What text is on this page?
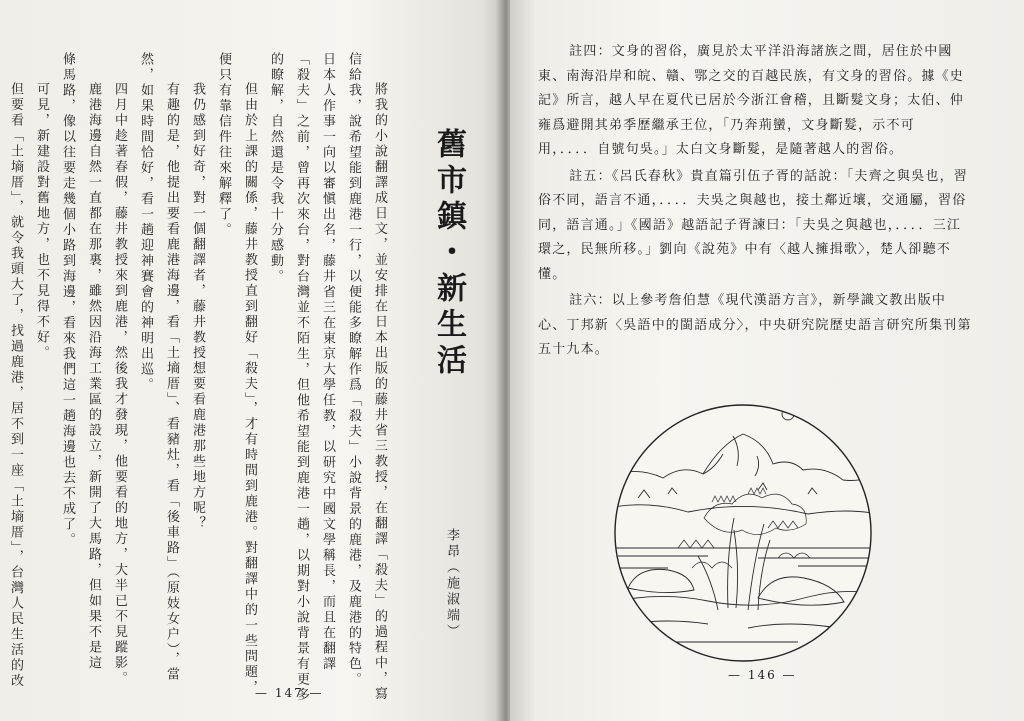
舊市鎮・新生活
李昂（施淑端）
將我的小說翻譯成日文，並安排在日本出版的藤井省三教授，在翻譯「殺夫」的過程中，寫
信給我，說希望能到鹿港一行，以便能多瞭解作爲「殺夫」小說背景的鹿港，及鹿港的特色。
日本人作事一向以審愼出名，藤井省三在東京大學任教，以研究中國文學稱長，而且在翻譯
「殺夫」之前，曾再次來台，對台灣並不陌生，但他希望能到鹿港一趟，以期對小說背景有更多
的瞭解，自然還是令我十分感動。
但由於上課的關係，藤井教授直到翻好「殺夫」，才有時間到鹿港。對翻譯中的一些問題，
便只有靠信件往來解釋了。
我仍感到好奇，對一個翻譯者，藤井教授想要看鹿港那些地方呢？
有趣的是，他提出要看鹿港海邊，看「土墒厝」、看豬灶，看「後車路」（原妓女户），當
然，如果時間恰好，看一趟迎神賽會的神明出巡。
四月中趁著春假，藤井教授來到鹿港，然後我才發現，他要看的地方，大半已不見蹤影。
鹿港海邊自然一直都在那裏，雖然因沿海工業區的設立，新開了大馬路，但如果不是這
條馬路，像以往要走幾個小路到海邊，看來我們這一趟海邊也去不成了。
可見，新建設對舊地方，也不見得不好。
但要看「土墒厝」，就令我頭大了，找過鹿港，居不到一座「土墒厝」，台灣人民生活的改
— 147 —

註四：文身的習俗，廣見於太平洋沿海諸族之間，居住於中國東、南海沿岸和皖、贛、鄂之交的百越民族，有文身的習俗。據《史記》所言，越人早在夏代已居於今浙江會稽，且斷髮文身；太伯、仲雍爲避開其弟季歷繼承王位，「乃奔荊蠻，文身斷髮，示不可用，．．．．自號句吳。」太白文身斷髮，是隨著越人的習俗。

註五：《呂氏春秋》貴直篇引伍子胥的話說：「夫齊之與吳也，習俗不同，語言不通，．．．．夫吳之與越也，接土鄰近壤，交通屬，習俗同，語言通。」《國語》越語記子胥諫曰：「夫吳之與越也，．．．．三江環之，民無所移。」劉向《說苑》中有〈越人擁揖歌〉，楚人卻聽不懂。

註六：以上參考詹伯慧《現代漢語方言》，新學識文教出版中心、丁邦新〈吳語中的閩語成分〉，中央研究院歷史語言研究所集刊第五十九本。

— 146 —
